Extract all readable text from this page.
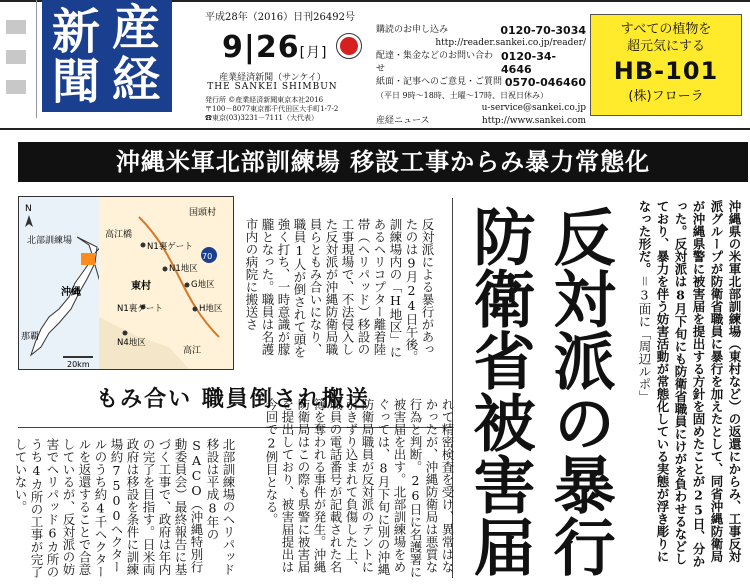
新 産
聞 経
平成28年（2016）日刊26492号
9|26[月]
産業経済新聞（サンケイ）
THE SANKEI SHIMBUN
発行所 ©産業経済新聞東京本社2016
〒100－8077東京都千代田区大手町1-7-2
☎東京(03)3231－7111（大代表）
購読のお申し込み	0120-70-3034
http://reader.sankei.co.jp/reader/
配達・集金などのお問い合わせ
0120-34-4646
紙面・記事へのご意見・ご質問 0570-046460
（平日 9時～18時、土曜～17時、日祝日休み）
u-service@sankei.co.jp
産経ニュース	http://www.sankei.com
すべての植物を
超元気にする
HB-101
(株)フローラ
沖縄米軍北部訓練場 移設工事からみ暴力常態化
沖縄県の米軍北部訓練場（東村など）の返還にからみ、工事反対派グループが防衛省職員に暴行を加えたとして、同省沖縄防衛局が沖縄県警に被害届を提出する方針を固めたことが25日、分かった。反対派は8月下旬にも防衛省職員にけがを負わせるなどしており、暴力を伴う妨害活動が常態化している実態が浮き彫りになった形だ。＝3面に「周辺ルポ」
反対派の暴行
防衛省被害届
N
北部訓練場
沖縄
那覇
20km
70
国頭村
高江橋
N1裏ゲート
N1地区
東村	G地区
N1裏ゲート	H地区
N4地区
高江	反対派による暴行があったのは9月24日午後。訓練場内の「H地区」にあるヘリコプター離着陸帯（ヘリパッド）移設の工事現場で、不法侵入した反対派が沖縄防衛局職員らともみ合いになり、職員1人が倒されて頭を強く打ち、一時意識が朦朧となった。職員は名護市内の病院に搬送さ
もみ合い 職員倒され搬送	れて精密検査を受け、異常はなかったが、沖縄防衛局は悪質な行為と判断。26日に名護署に被害届を出す。北部訓練場をめぐっては、8月下旬に別の沖縄防衛局職員が反対派のテントに引きずり込まれて負傷した上、職員の電話番号が記載された名簿を奪われる事件が発生。沖縄防衛局はこの際も県警に被害届を提出しており、被害届提出は今回で2例目となる。
北部訓練場のヘリパッド移設は平成8年のSACO（沖縄特別行動委員会）最終報告に基づく工事で、政府は年内の完了を目指す。日米両政府は移設を条件に訓練場約7500ヘクタールのうち約4千ヘクタールを返還することで合意しているが、反対派の妨害でヘリパッド6カ所のうち4カ所の工事が完了していない。
